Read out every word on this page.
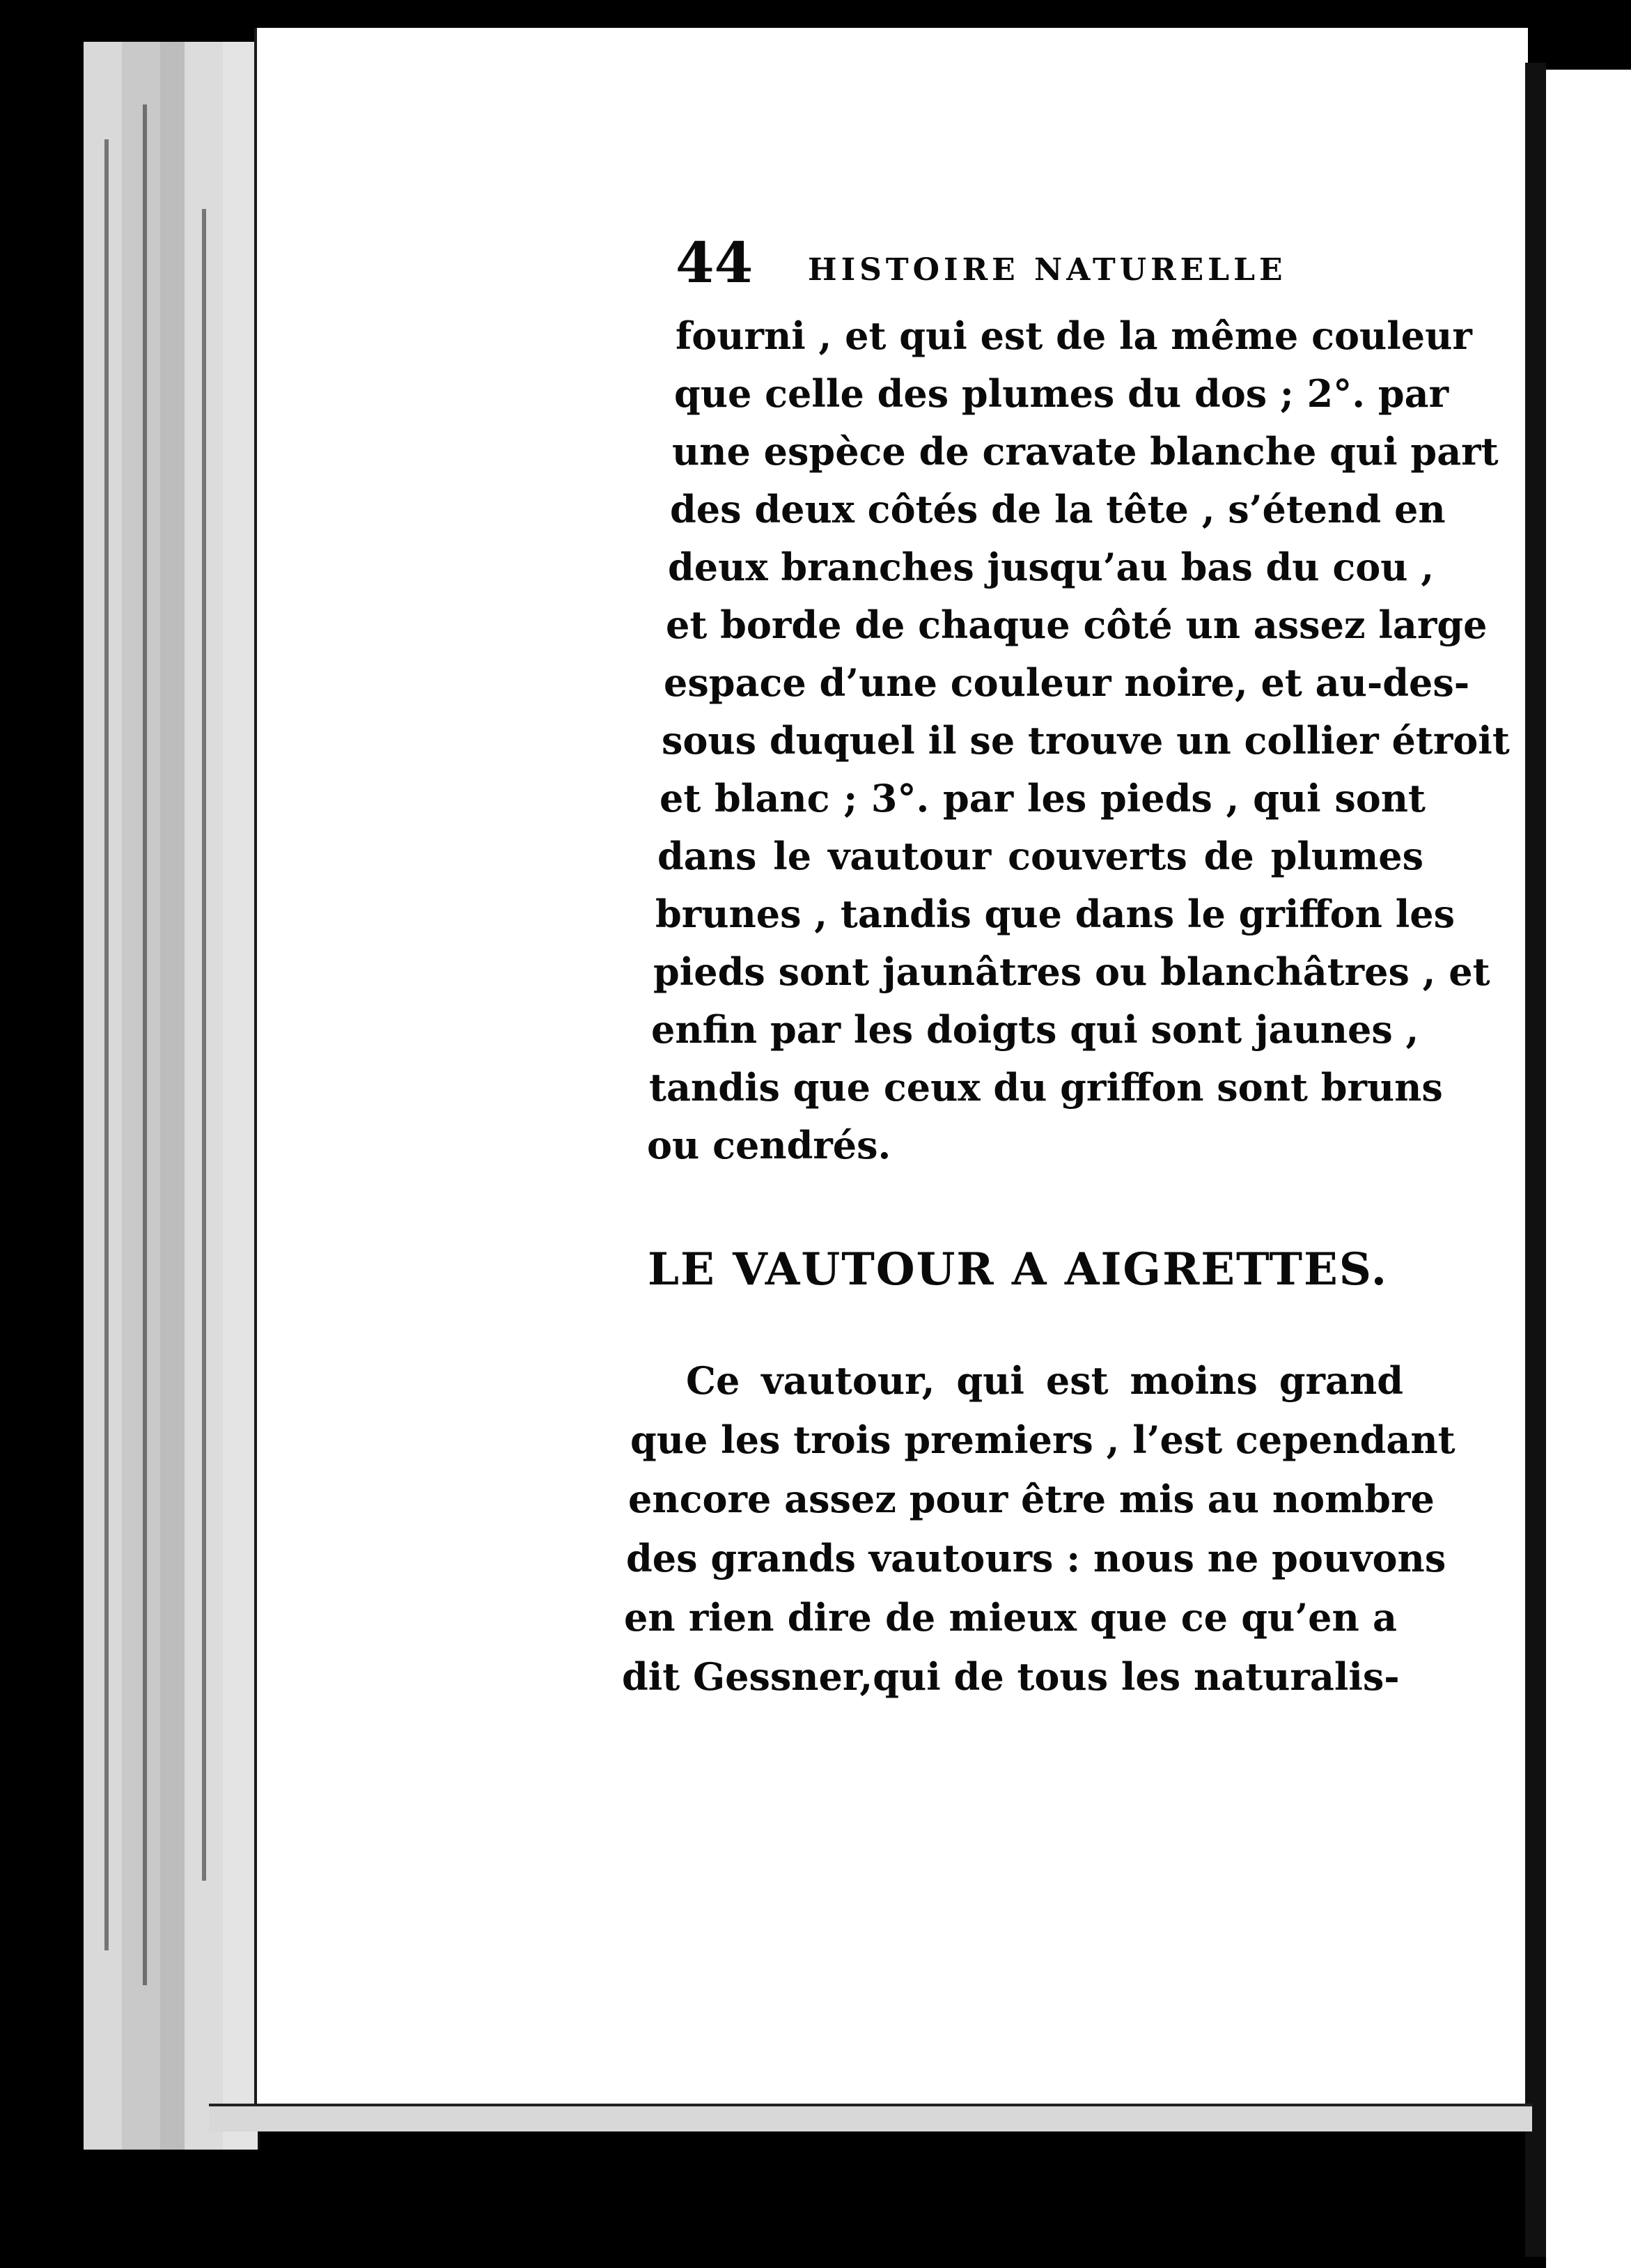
44 HISTOIRE NATURELLE
fourni , et qui est de la même couleur
que celle des plumes du dos ; 2°. par
une espèce de cravate blanche qui part
des deux côtés de la tête , s’étend en
deux branches jusqu’au bas du cou ,
et borde de chaque côté un assez large
espace d’une couleur noire, et au-des-
sous duquel il se trouve un collier étroit
et blanc ; 3°. par les pieds , qui sont
dans le vautour couverts de plumes
brunes , tandis que dans le griffon les
pieds sont jaunâtres ou blanchâtres , et
enfin par les doigts qui sont jaunes ,
tandis que ceux du griffon sont bruns
ou cendrés.
LE VAUTOUR A AIGRETTES.
Ce vautour, qui est moins grand
que les trois premiers , l’est cependant
encore assez pour être mis au nombre
des grands vautours : nous ne pouvons
en rien dire de mieux que ce qu’en a
dit Gessner,qui de tous les naturalis-
